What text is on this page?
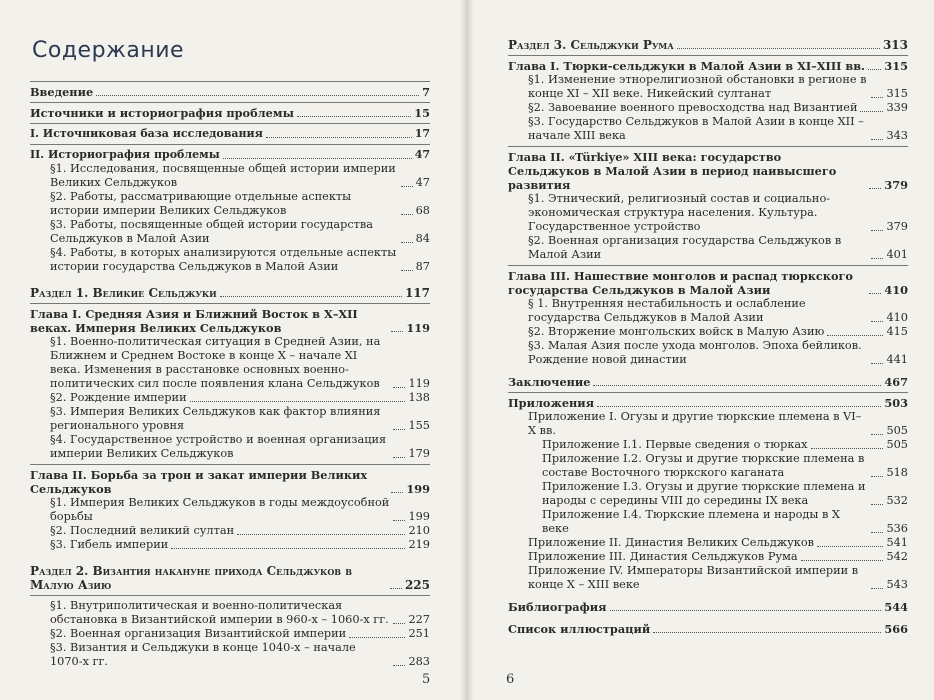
Содержание
Введение	7
Источники и историография проблемы	15
I. Источниковая база исследования	17
II. Историография проблемы	47
§1. Исследования, посвященные общей истории империи Великих Сельджуков	47
§2. Работы, рассматривающие отдельные аспекты истории империи Великих Сельджуков	68
§3. Работы, посвященные общей истории государства Сельджуков в Малой Азии	84
§4. Работы, в которых анализируются отдельные аспекты истории государства Сельджуков в Малой Азии	87
Раздел 1. Великие Сельджуки	117
Глава I. Средняя Азия и Ближний Восток в X–XII веках. Империя Великих Сельджуков	119
§1. Военно-политическая ситуация в Средней Азии, на Ближнем и Среднем Востоке в конце X – начале XI века. Изменения в расстановке основных военно-политических сил после появления клана Сельджуков	119
§2. Рождение империи	138
§3. Империя Великих Сельджуков как фактор влияния регионального уровня	155
§4. Государственное устройство и военная организация империи Великих Сельджуков	179
Глава II. Борьба за трон и закат империи Великих Сельджуков	199
§1. Империя Великих Сельджуков в годы междоусобной борьбы	199
§2. Последний великий султан	210
§3. Гибель империи	219
Раздел 2. Византия накануне прихода Сельджуков в Малую Азию	225
§1. Внутриполитическая и военно-политическая обстановка в Византийской империи в 960-х – 1060-х гг. 227
§2. Военная организация Византийской империи	251
§3. Византия и Сельджуки в конце 1040-х – начале 1070-х гг.	283
5
Раздел 3. Сельджуки Рума	313
Глава I. Тюрки-сельджуки в Малой Азии в XI–XIII вв. 315
§1. Изменение этнорелигиозной обстановки в регионе в конце XI – XII веке. Никейский султанат	315
§2. Завоевание военного превосходства над Византией	339
§3. Государство Сельджуков в Малой Азии в конце XII – начале XIII века	343
Глава II. «Türkiye» XIII века: государство Сельджуков в Малой Азии в период наивысшего развития	379
§1. Этнический, религиозный состав и социально-экономическая структура населения. Культура. Государственное устройство	379
§2. Военная организация государства Сельджуков в Малой Азии	401
Глава III. Нашествие монголов и распад тюркского государства Сельджуков в Малой Азии	410
§ 1. Внутренняя нестабильность и ослабление государства Сельджуков в Малой Азии	410
§2. Вторжение монгольских войск в Малую Азию	415
§3. Малая Азия после ухода монголов. Эпоха бейликов. Рождение новой династии	441
Заключение	467
Приложения	503
Приложение I. Огузы и другие тюркские племена в VI–X вв.	505
Приложение I.1. Первые сведения о тюрках	505
Приложение I.2. Огузы и другие тюркские племена в составе Восточного тюркского каганата	518
Приложение I.3. Огузы и другие тюркские племена и народы с середины VIII до середины IX века	532
Приложение I.4. Тюркские племена и народы в X веке	536
Приложение II. Династия Великих Сельджуков	541
Приложение III. Династия Сельджуков Рума	542
Приложение IV. Императоры Византийской империи в конце X – XIII веке	543
Библиография	544
Список иллюстраций	566
6
